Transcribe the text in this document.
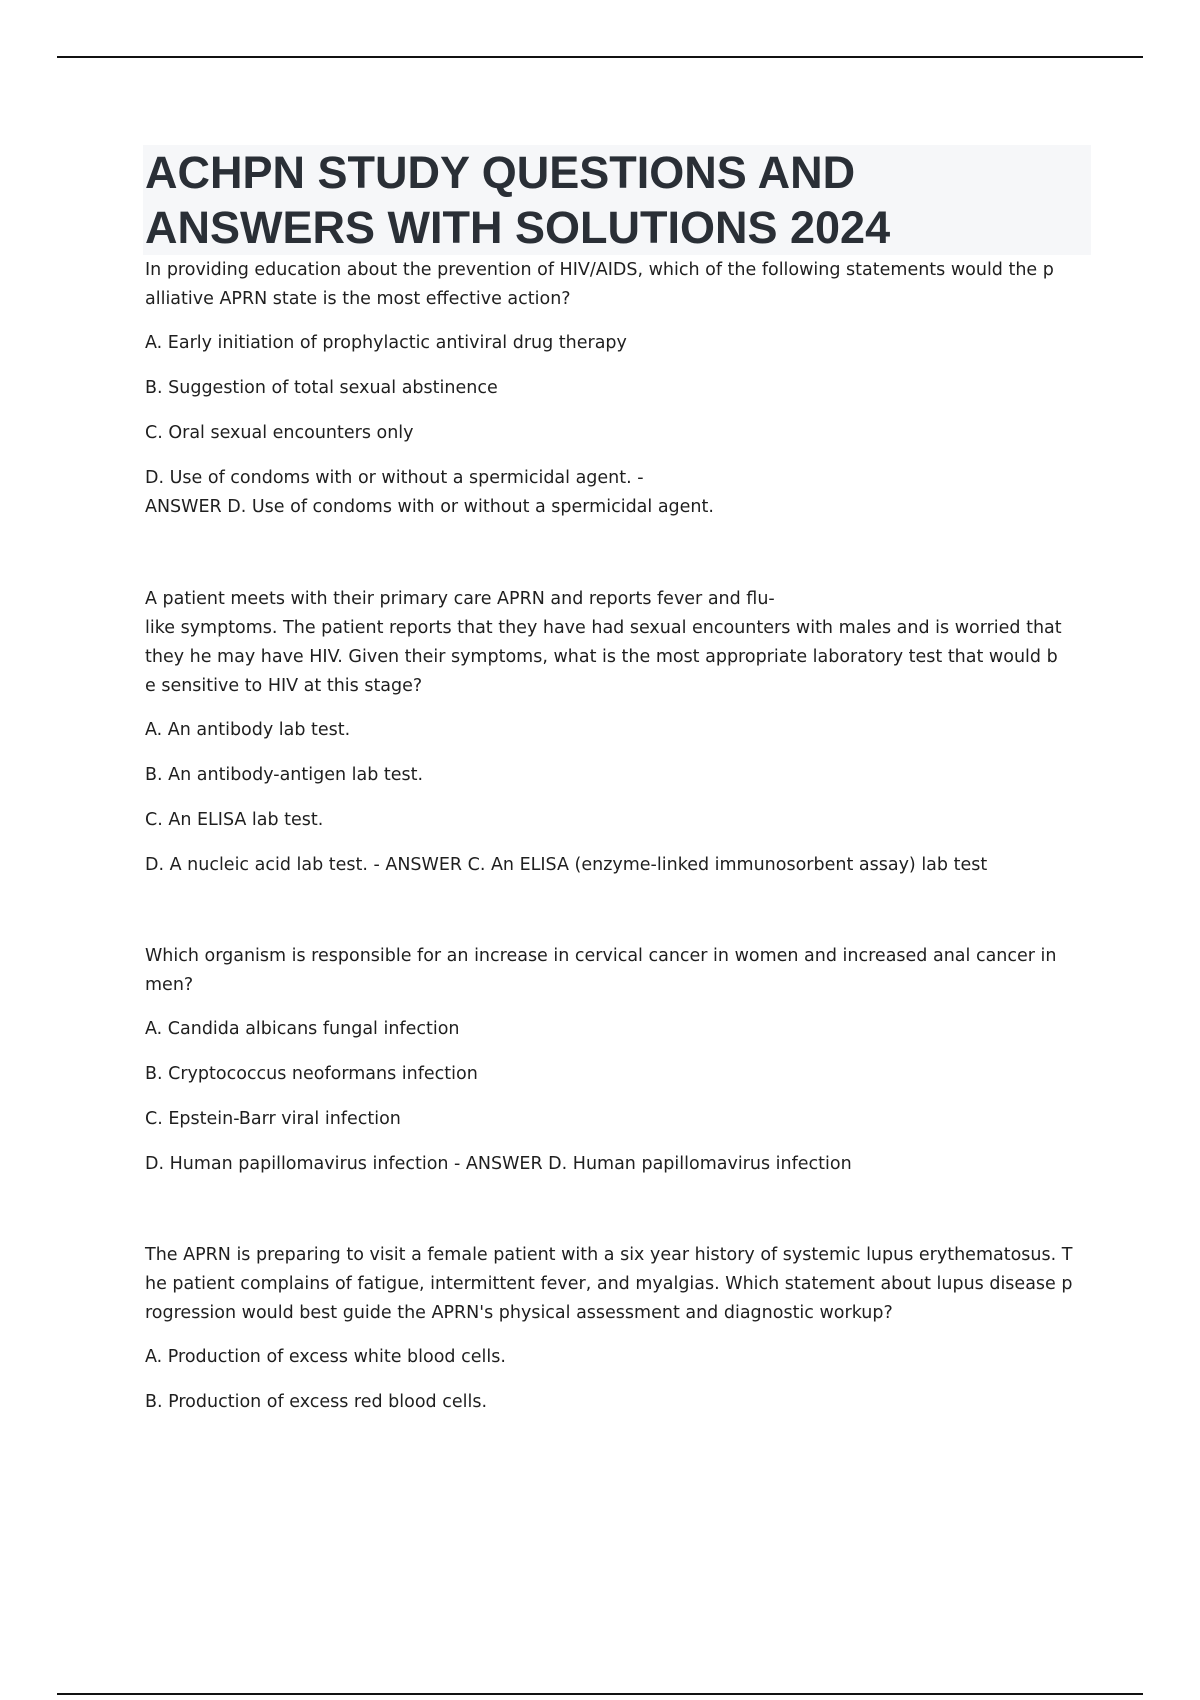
ACHPN STUDY QUESTIONS AND

ANSWERS WITH SOLUTIONS 2024

In providing education about the prevention of HIV/AIDS, which of the following statements would the p
alliative APRN state is the most effective action?

A. Early initiation of prophylactic antiviral drug therapy

B. Suggestion of total sexual abstinence

C. Oral sexual encounters only

D. Use of condoms with or without a spermicidal agent. -
ANSWER D. Use of condoms with or without a spermicidal agent.

A patient meets with their primary care APRN and reports fever and flu-
like symptoms. The patient reports that they have had sexual encounters with males and is worried that
they he may have HIV. Given their symptoms, what is the most appropriate laboratory test that would b
e sensitive to HIV at this stage?

A. An antibody lab test.

B. An antibody-antigen lab test.

C. An ELISA lab test.

D. A nucleic acid lab test. - ANSWER C. An ELISA (enzyme-linked immunosorbent assay) lab test

Which organism is responsible for an increase in cervical cancer in women and increased anal cancer in
men?

A. Candida albicans fungal infection

B. Cryptococcus neoformans infection

C. Epstein-Barr viral infection

D. Human papillomavirus infection - ANSWER D. Human papillomavirus infection

The APRN is preparing to visit a female patient with a six year history of systemic lupus erythematosus. T
he patient complains of fatigue, intermittent fever, and myalgias. Which statement about lupus disease p
rogression would best guide the APRN's physical assessment and diagnostic workup?

A. Production of excess white blood cells.

B. Production of excess red blood cells.
